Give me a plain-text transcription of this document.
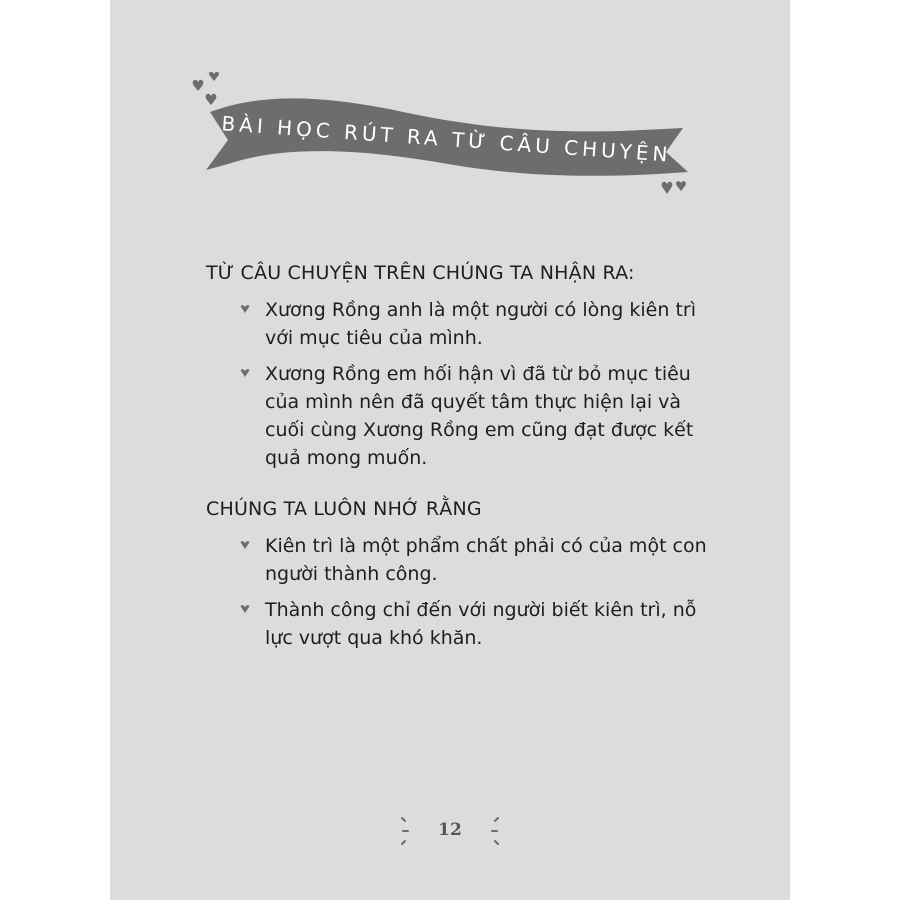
BÀI HỌC RÚT RA TỪ CÂU CHUYỆN
TỪ CÂU CHUYỆN TRÊN CHÚNG TA NHẬN RA:
Xương Rồng anh là một người có lòng kiên trì với mục tiêu của mình.
Xương Rồng em hối hận vì đã từ bỏ mục tiêu của mình nên đã quyết tâm thực hiện lại và cuối cùng Xương Rồng em cũng đạt được kết quả mong muốn.
CHÚNG TA LUÔN NHỚ RẰNG
Kiên trì là một phẩm chất phải có của một con người thành công.
Thành công chỉ đến với người biết kiên trì, nỗ lực vượt qua khó khăn.
12
